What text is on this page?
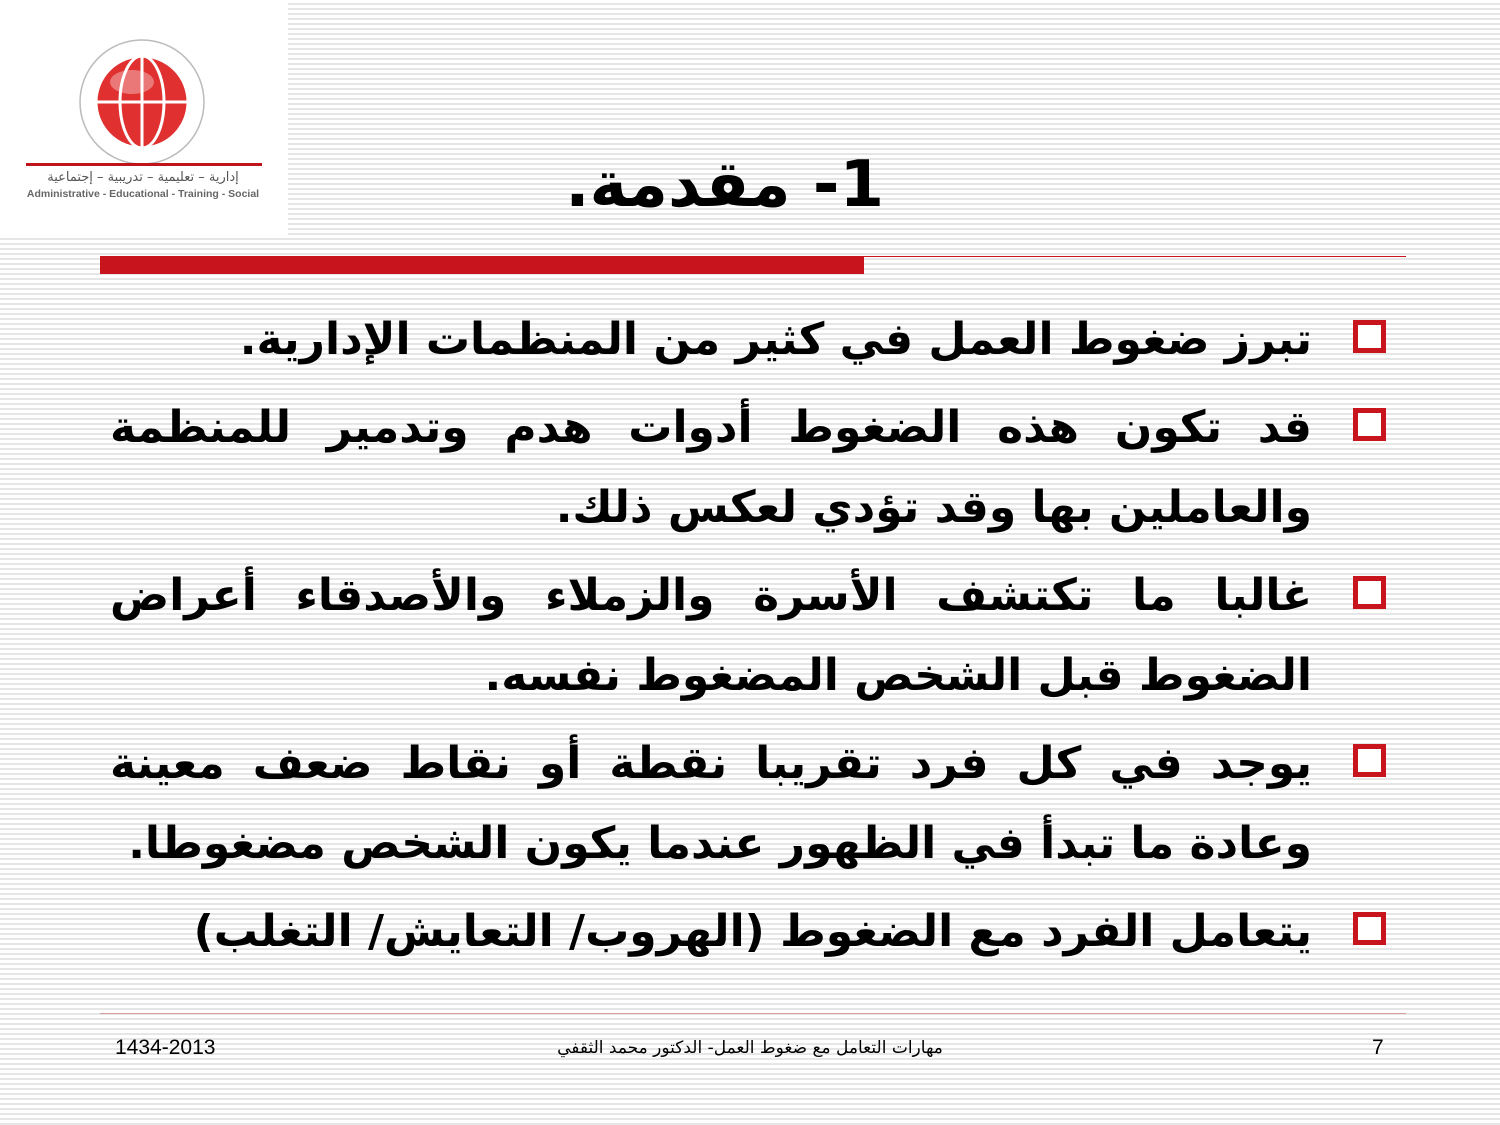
إدارية – تعليمية – تدريبية – إجتماعية
Administrative - Educational - Training - Social	1- مقدمة.
تبرز ضغوط العمل في كثير من المنظمات الإدارية.
قد تكون هذه الضغوط أدوات هدم وتدمير للمنظمة والعاملين بها وقد تؤدي لعكس ذلك.
غالبا ما تكتشف الأسرة والزملاء والأصدقاء أعراض الضغوط قبل الشخص المضغوط نفسه.
يوجد في كل فرد تقريبا نقطة أو نقاط ضعف معينة وعادة ما تبدأ في الظهور عندما يكون الشخص مضغوطا.
يتعامل الفرد مع الضغوط (الهروب/ التعايش/ التغلب)
1434-2013	مهارات التعامل مع ضغوط العمل- الدكتور محمد الثقفي	7
